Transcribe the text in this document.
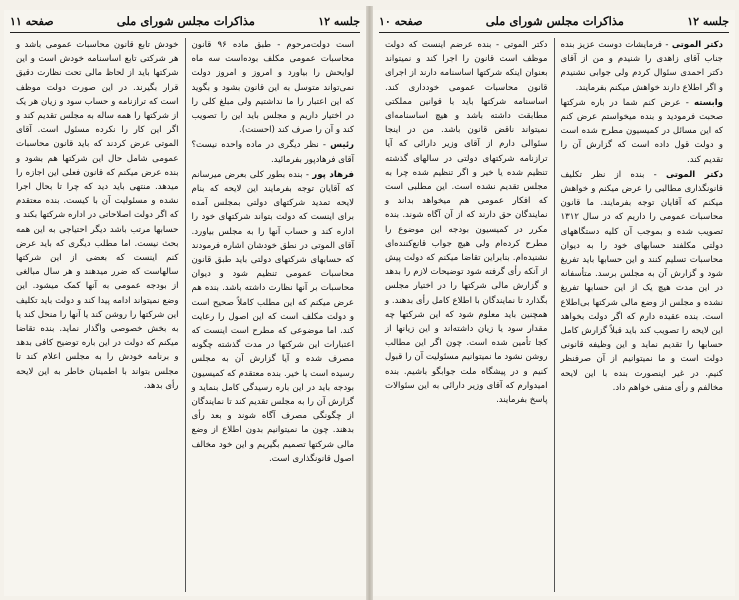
جلسه ۱۲
مذاکرات مجلس شورای ملی
صفحه ۱۱

است دولت‌مرحوم - طبق ماده ۹۶ قانون محاسبات عمومی مکلف بوده‌است سه ماه لوایحش را بیاورد و امروز و امروز دولت نمی‌تواند متوسل به این قانون بشود و بگوید که این اعتبار را ما نداشتیم ولی مبلغ کلی را در اختیار داریم و مجلس باید این را تصویب کند و آن را صرف کند (احسنت).

رئیس - نظر دیگری در ماده واحده نیست؟ آقای فرهادپور بفرمائید.

فرهاد پور - بنده بطور کلی بعرض میرسانم که آقایان توجه بفرمایند این لایحه که بنام لایحه تمدید شرکتهای دولتی بمجلس آمده برای اینست که دولت بتواند شرکتهای خود را اداره کند و حساب آنها را به مجلس بیاورد. آقای الموتی در نطق خودشان اشاره فرمودند که حسابهای شرکتهای دولتی باید طبق قانون محاسبات عمومی تنظیم شود و دیوان محاسبات بر آنها نظارت داشته باشد. بنده هم عرض میکنم که این مطلب کاملاً صحیح است و دولت مکلف است که این اصول را رعایت کند. اما موضوعی که مطرح است اینست که اعتبارات این شرکتها در مدت گذشته چگونه مصرف شده و آیا گزارش آن به مجلس رسیده است یا خیر. بنده معتقدم که کمیسیون بودجه باید در این باره رسیدگی کامل بنماید و گزارش آن را به مجلس تقدیم کند تا نمایندگان از چگونگی مصرف آگاه شوند و بعد رأی بدهند. چون ما نمیتوانیم بدون اطلاع از وضع مالی شرکتها تصمیم بگیریم و این خود مخالف اصول قانونگذاری است.

خودش تابع قانون محاسبات عمومی باشد و هر شرکتی تابع اساسنامه خودش است و این شرکتها باید از لحاظ مالی تحت نظارت دقیق قرار بگیرند. در این صورت دولت موظف است که ترازنامه و حساب سود و زیان هر یک از شرکتها را همه ساله به مجلس تقدیم کند و اگر این کار را نکرده مسئول است. آقای الموتی عرض کردند که باید قانون محاسبات عمومی شامل حال این شرکتها هم بشود و بنده عرض میکنم که قانون فعلی این اجازه را میدهد. منتهی باید دید که چرا تا بحال اجرا نشده و مسئولیت آن با کیست. بنده معتقدم که اگر دولت اصلاحاتی در اداره شرکتها بکند و حسابها مرتب باشد دیگر احتیاجی به این همه بحث نیست. اما مطلب دیگری که باید عرض کنم اینست که بعضی از این شرکتها سالهاست که ضرر میدهند و هر سال مبالغی از بودجه عمومی به آنها کمک میشود. این وضع نمیتواند ادامه پیدا کند و دولت باید تکلیف این شرکتها را روشن کند یا آنها را منحل کند یا به بخش خصوصی واگذار نماید. بنده تقاضا میکنم که دولت در این باره توضیح کافی بدهد و برنامه خودش را به مجلس اعلام کند تا مجلس بتواند با اطمینان خاطر به این لایحه رأی بدهد.

جلسه ۱۲
مذاکرات مجلس شورای ملی
صفحه ۱۰

دکتر الموتی - فرمایشات دوست عزیز بنده جناب آقای زاهدی را شنیدم و من از آقای دکتر احمدی سئوال کردم ولی جوابی نشنیدم و اگر اطلاع دارند خواهش میکنم بفرمایند.

وابسته - عرض کنم شما در باره شرکتها صحبت فرمودید و بنده میخواستم عرض کنم که این مسائل در کمیسیون مطرح شده است و دولت قول داده است که گزارش آن را تقدیم کند.

دکتر الموتی - بنده از نظر تکلیف قانونگذاری مطالبی را عرض میکنم و خواهش میکنم که آقایان توجه بفرمایند. ما قانون محاسبات عمومی را داریم که در سال ۱۳۱۲ تصویب شده و بموجب آن کلیه دستگاههای دولتی مکلفند حسابهای خود را به دیوان محاسبات تسلیم کنند و این حسابها باید تفریغ شود و گزارش آن به مجلس برسد. متأسفانه در این مدت هیچ یک از این حسابها تفریغ نشده و مجلس از وضع مالی شرکتها بی‌اطلاع است. بنده عقیده دارم که اگر دولت بخواهد این لایحه را تصویب کند باید قبلاً گزارش کامل حسابها را تقدیم نماید و این وظیفه قانونی دولت است و ما نمیتوانیم از آن صرفنظر کنیم. در غیر اینصورت بنده با این لایحه مخالفم و رأی منفی خواهم داد.

دکتر الموتی - بنده عرضم اینست که دولت موظف است قانون را اجرا کند و نمیتواند بعنوان اینکه شرکتها اساسنامه دارند از اجرای قانون محاسبات عمومی خودداری کند. اساسنامه شرکتها باید با قوانین مملکتی مطابقت داشته باشد و هیچ اساسنامه‌ای نمیتواند ناقض قانون باشد. من در اینجا سئوالی دارم از آقای وزیر دارائی که آیا ترازنامه شرکتهای دولتی در سالهای گذشته تنظیم شده یا خیر و اگر تنظیم شده چرا به مجلس تقدیم نشده است. این مطلبی است که افکار عمومی هم میخواهد بداند و نمایندگان حق دارند که از آن آگاه شوند. بنده مکرر در کمیسیون بودجه این موضوع را مطرح کرده‌ام ولی هیچ جواب قانع‌کننده‌ای نشنیده‌ام. بنابراین تقاضا میکنم که دولت پیش از آنکه رأی گرفته شود توضیحات لازم را بدهد و گزارش مالی شرکتها را در اختیار مجلس بگذارد تا نمایندگان با اطلاع کامل رأی بدهند. و همچنین باید معلوم شود که این شرکتها چه مقدار سود یا زیان داشته‌اند و این زیانها از کجا تأمین شده است. چون اگر این مطالب روشن نشود ما نمیتوانیم مسئولیت آن را قبول کنیم و در پیشگاه ملت جوابگو باشیم. بنده امیدوارم که آقای وزیر دارائی به این سئوالات پاسخ بفرمایند.
